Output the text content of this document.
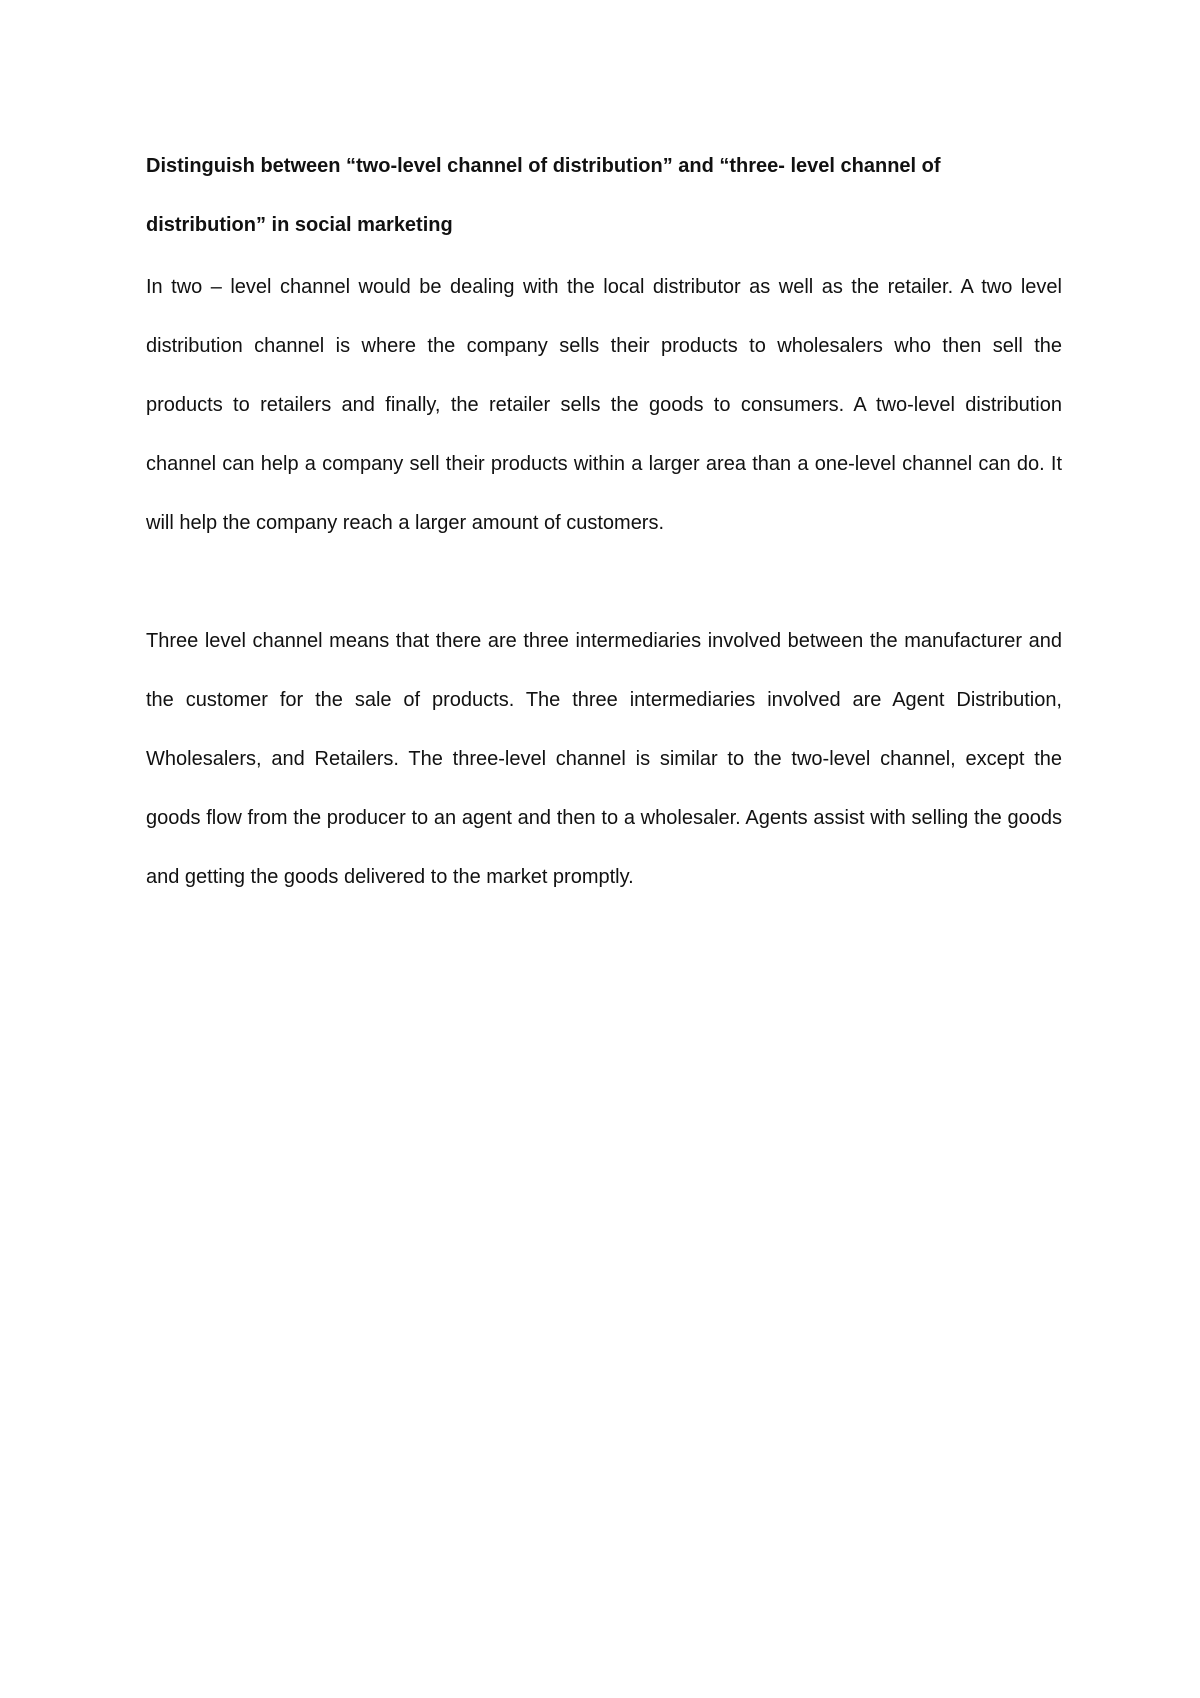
Distinguish between “two-level channel of distribution” and “three- level channel of distribution” in social marketing

In two – level channel would be dealing with the local distributor as well as the retailer. A two level distribution channel is where the company sells their products to wholesalers who then sell the products to retailers and finally, the retailer sells the goods to consumers. A two-level distribution channel can help a company sell their products within a larger area than a one-level channel can do. It will help the company reach a larger amount of customers.

Three level channel means that there are three intermediaries involved between the manufacturer and the customer for the sale of products. The three intermediaries involved are Agent Distribution, Wholesalers, and Retailers. The three-level channel is similar to the two-level channel, except the goods flow from the producer to an agent and then to a wholesaler. Agents assist with selling the goods and getting the goods delivered to the market promptly.
